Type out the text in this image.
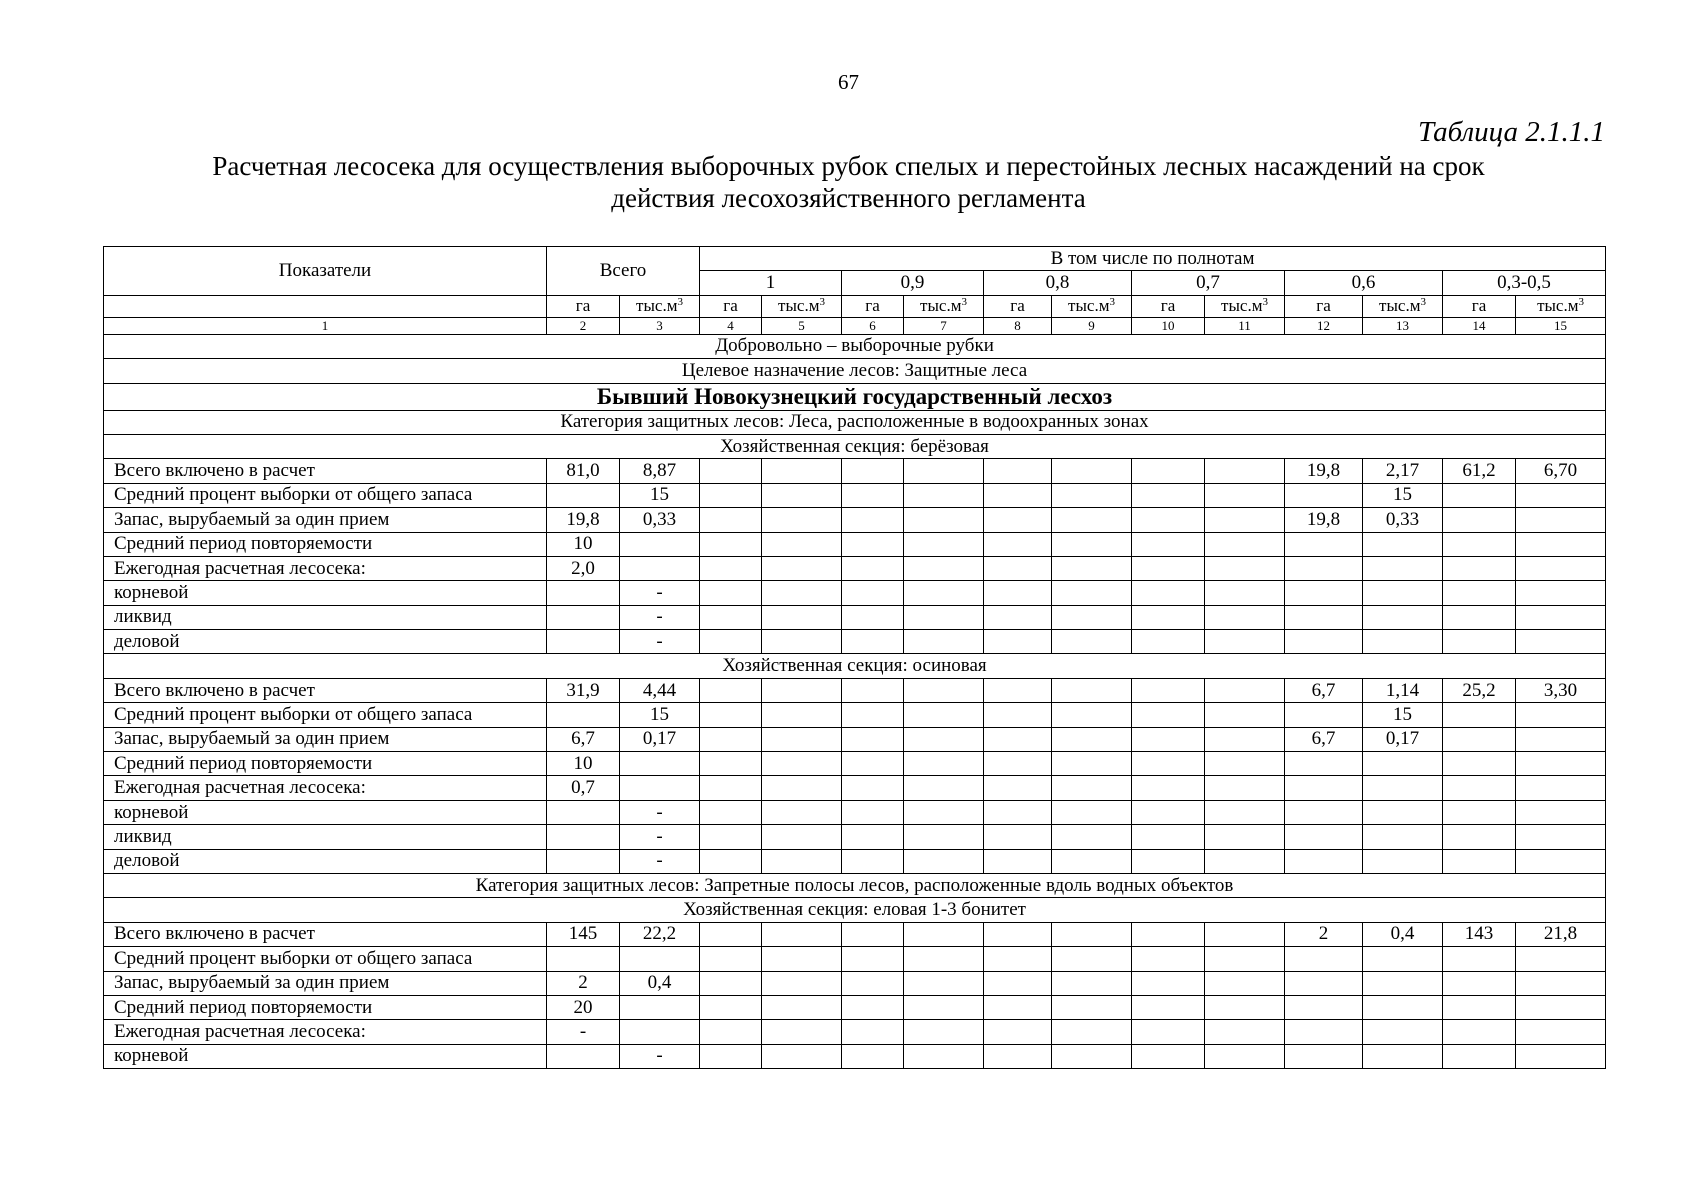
67
Таблица 2.1.1.1
Расчетная лесосека для осуществления выборочных рубок спелых и перестойных лесных насаждений на срок
действия лесохозяйственного регламента
Показатели	Всего		В том числе по полнотам											
			1		0,9		0,8		0,7		0,6		0,3-0,5	
	га	$тыс.м^3$	га	$тыс.м^3$	га	$тыс.м^3$	га	$тыс.м^3$	га	$тыс.м^3$	га	$тыс.м^3$	га	$тыс.м^3$
1	2	3	4	5	6	7	8	9	10	11	12	13	14	15
Добровольно – выборочные рубки														
Целевое назначение лесов: Защитные леса														
Бывший Новокузнецкий государственный лесхоз														
Категория защитных лесов: Леса, расположенные в водоохранных зонах														
Хозяйственная секция: берёзовая														
Всего включено в расчет	81,0	8,87									19,8	2,17	61,2	6,70
Средний процент выборки от общего запаса		15										15		
Запас, вырубаемый за один прием	19,8	0,33									19,8	0,33		
Средний период повторяемости	10													
Ежегодная расчетная лесосека:	2,0													
корневой		-												
ликвид		-												
деловой		-												
Хозяйственная секция: осиновая														
Всего включено в расчет	31,9	4,44									6,7	1,14	25,2	3,30
Средний процент выборки от общего запаса		15										15		
Запас, вырубаемый за один прием	6,7	0,17									6,7	0,17		
Средний период повторяемости	10													
Ежегодная расчетная лесосека:	0,7													
корневой		-												
ликвид		-												
деловой		-												
Категория защитных лесов: Запретные полосы лесов, расположенные вдоль водных объектов														
Хозяйственная секция: еловая 1-3 бонитет														
Всего включено в расчет	145	22,2									2	0,4	143	21,8
Средний процент выборки от общего запаса														
Запас, вырубаемый за один прием	2	0,4												
Средний период повторяемости	20													
Ежегодная расчетная лесосека:	-													
корневой		-												
